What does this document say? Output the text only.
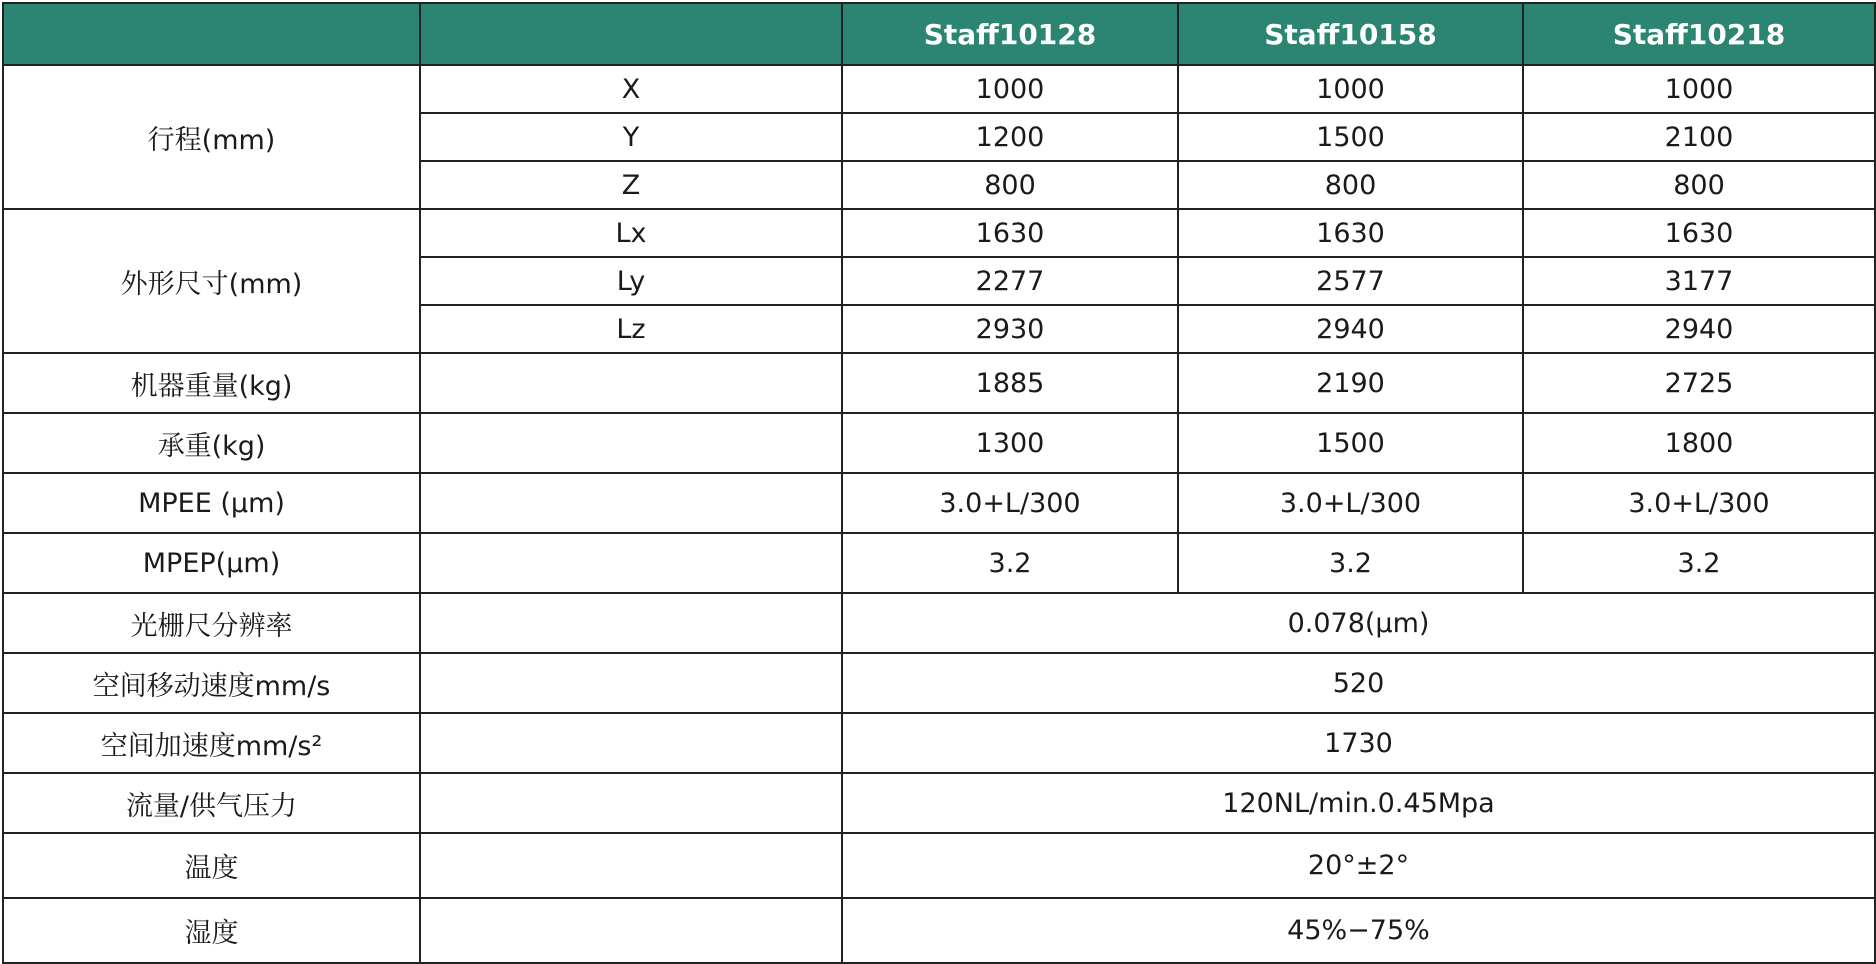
		Staff10128	Staff10158	Staff10218
行程(mm)	X	1000	1000	1000
	Y	1200	1500	2100
	Z	800	800	800
外形尺寸(mm)	Lx	1630	1630	1630
	Ly	2277	2577	3177
	Lz	2930	2940	2940
机器重量(kg)		1885	2190	2725
承重(kg)		1300	1500	1800
MPEE (μm)		3.0+L/300	3.0+L/300	3.0+L/300
MPEP(μm)		3.2	3.2	3.2
光栅尺分辨率		0.078(μm)		
空间移动速度mm/s		520		
空间加速度mm/s²		1730		
流量/供气压力		120NL/min.0.45Mpa		
温度		20°±2°		
湿度		45%−75%		
